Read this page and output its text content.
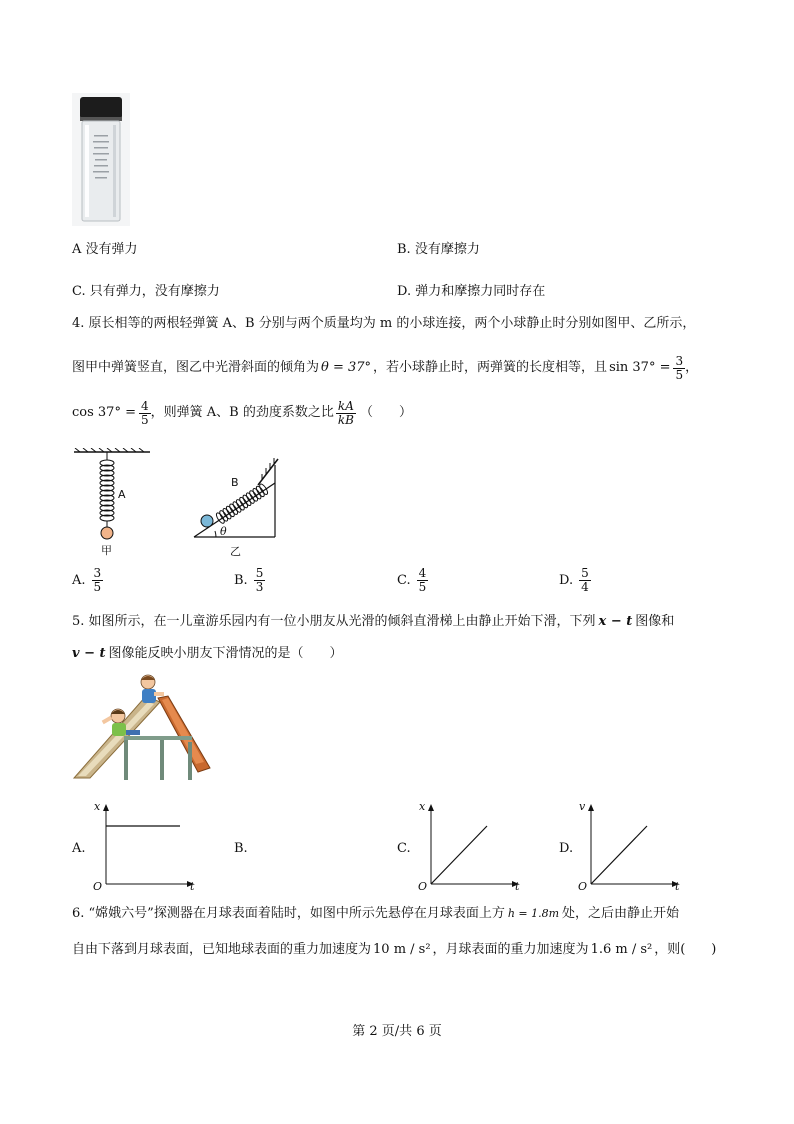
A 没有弹力	B. 没有摩擦力
C. 只有弹力，没有摩擦力	D. 弹力和摩擦力同时存在
4. 原长相等的两根轻弹簧 A、B 分别与两个质量均为 m 的小球连接，两个小球静止时分别如图甲、乙所示，
图甲中弹簧竖直，图乙中光滑斜面的倾角为 θ = 37° ，若小球静止时，两弹簧的长度相等，且 $\sin 37^\circ = \frac{3}{5}$ ，
$\cos 37^\circ = \frac{4}{5}$ ，则弹簧 A、B 的劲度系数之比 $\frac{kA}{kB}$ （　　）
A
甲
B
θ
乙
A. $\frac{3}{5}$	B. $\frac{5}{3}$	C. $\frac{4}{5}$	D. $\frac{5}{4}$
5. 如图所示，在一儿童游乐园内有一位小朋友从光滑的倾斜直滑梯上由静止开始下滑，下列 x − t 图像和
v − t 图像能反映小朋友下滑情况的是（　　）
A.	B.	C.	D.
x
t
O
x
t
O
v
t
O
6. “嫦娥六号”探测器在月球表面着陆时，如图中所示先悬停在月球表面上方 h = 1.8m 处，之后由静止开始
自由下落到月球表面，已知地球表面的重力加速度为 10 m / s² ，月球表面的重力加速度为 1.6 m / s² ，则(　　)
第 2 页/共 6 页
